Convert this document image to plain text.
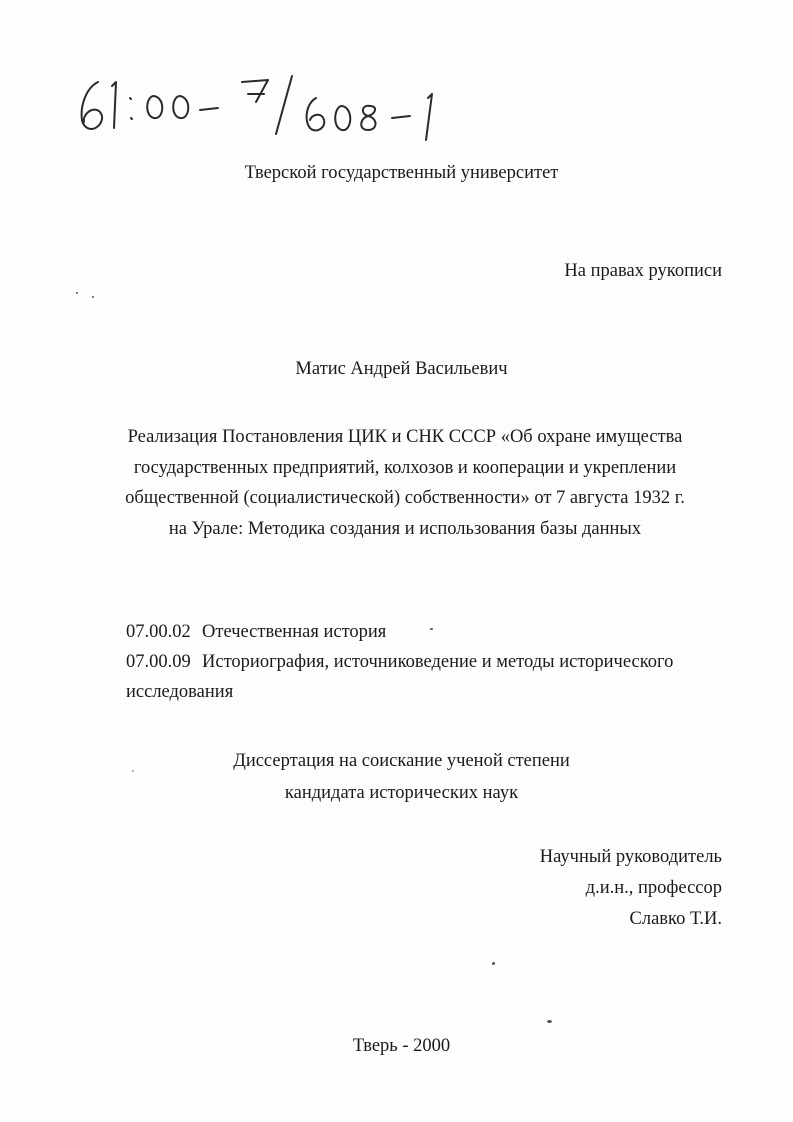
Тверской государственный университет
На правах рукописи
Матис Андрей Васильевич
Реализация Постановления ЦИК и СНК СССР «Об охране имущества
государственных предприятий, колхозов и кооперации и укреплении
общественной (социалистической) собственности» от 7 августа 1932 г.
на Урале: Методика создания и использования базы данных
07.00.02 Отечественная история
07.00.09 Историография, источниковедение и методы исторического
исследования
Диссертация на соискание ученой степени
кандидата исторических наук
Научный руководитель
д.и.н., профессор
Славко Т.И.
Тверь - 2000
